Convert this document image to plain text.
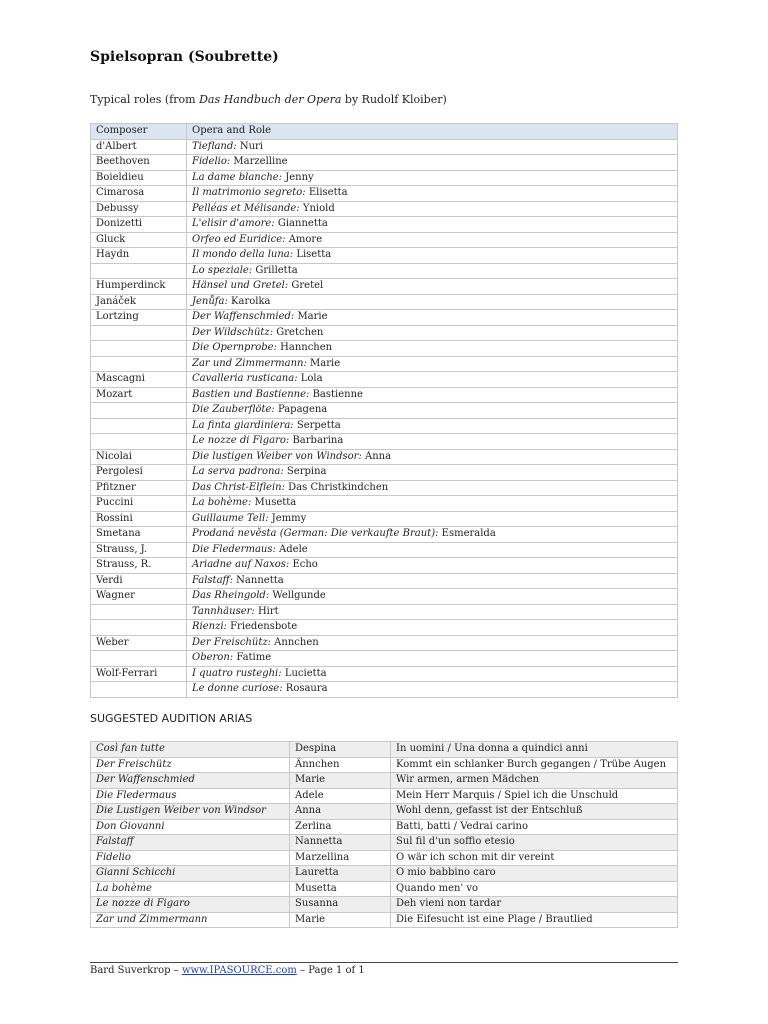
Spielsopran (Soubrette)
Typical roles (from Das Handbuch der Opera by Rudolf Kloiber)
Composer	Opera and Role
d'Albert	Tiefland: Nuri
Beethoven	Fidelio: Marzelline
Boieldieu	La dame blanche: Jenny
Cimarosa	Il matrimonio segreto: Elisetta
Debussy	Pelléas et Mélisande: Yniold
Donizetti	L'elisir d'amore: Giannetta
Gluck	Orfeo ed Euridice: Amore
Haydn	Il mondo della luna: Lisetta
	Lo speziale: Grilletta
Humperdinck	Hänsel und Gretel: Gretel
Janáček	Jenůfa: Karolka
Lortzing	Der Waffenschmied: Marie
	Der Wildschütz: Gretchen
	Die Opernprobe: Hannchen
	Zar und Zimmermann: Marie
Mascagni	Cavalleria rusticana: Lola
Mozart	Bastien und Bastienne: Bastienne
	Die Zauberflöte: Papagena
	La finta giardiniera: Serpetta
	Le nozze di Figaro: Barbarina
Nicolai	Die lustigen Weiber von Windsor: Anna
Pergolesi	La serva padrona: Serpina
Pfitzner	Das Christ-Elflein: Das Christkindchen
Puccini	La bohème: Musetta
Rossini	Guillaume Tell: Jemmy
Smetana	Prodaná nevěsta (German: Die verkaufte Braut): Esmeralda
Strauss, J.	Die Fledermaus: Adele
Strauss, R.	Ariadne auf Naxos: Echo
Verdi	Falstaff: Nannetta
Wagner	Das Rheingold: Wellgunde
	Tannhäuser: Hirt
	Rienzi: Friedensbote
Weber	Der Freischütz: Annchen
	Oberon: Fatime
Wolf-Ferrari	I quatro rusteghi: Lucietta
	Le donne curiose: Rosaura
SUGGESTED AUDITION ARIAS
Così fan tutte	Despina	In uomini / Una donna a quindici anni
Der Freischütz	Ännchen	Kommt ein schlanker Burch gegangen / Trübe Augen
Der Waffenschmied	Marie	Wir armen, armen Mädchen
Die Fledermaus	Adele	Mein Herr Marquis / Spiel ich die Unschuld
Die Lustigen Weiber von Windsor	Anna	Wohl denn, gefasst ist der Entschluß
Don Giovanni	Zerlina	Batti, batti / Vedrai carino
Falstaff	Nannetta	Sul fil d'un soffio etesio
Fidelio	Marzellina	O wär ich schon mit dir vereint
Gianni Schicchi	Lauretta	O mio babbino caro
La bohème	Musetta	Quando men' vo
Le nozze di Figaro	Susanna	Deh vieni non tardar
Zar und Zimmermann	Marie	Die Eifesucht ist eine Plage / Brautlied
Bard Suverkrop – www.IPASOURCE.com – Page 1 of 1
